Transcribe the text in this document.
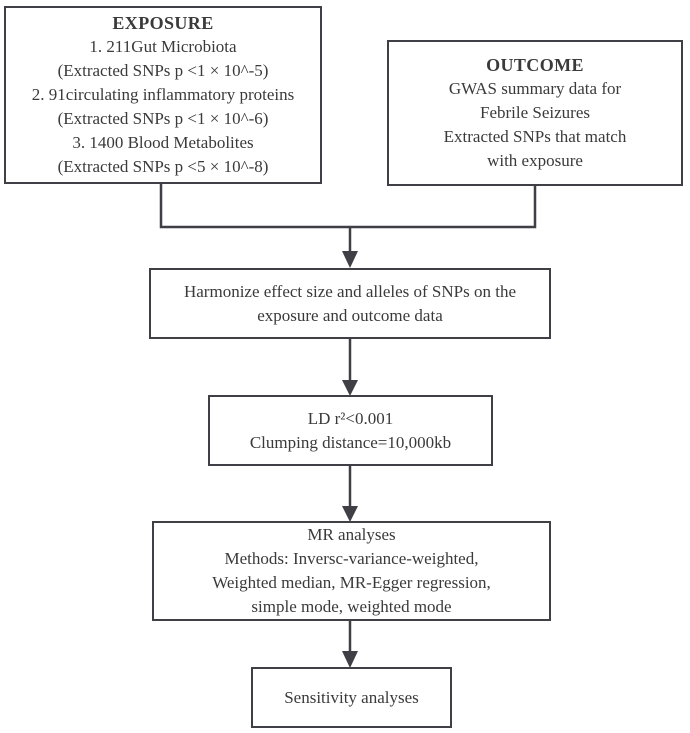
EXPOSURE
1. 211Gut Microbiota
(Extracted SNPs p <1 × 10^-5)
2. 91circulating inflammatory proteins
(Extracted SNPs p <1 × 10^-6)
3. 1400 Blood Metabolites
(Extracted SNPs p <5 × 10^-8)
OUTCOME
GWAS summary data for
Febrile Seizures
Extracted SNPs that match
with exposure
Harmonize effect size and alleles of SNPs on the
exposure and outcome data
LD r²<0.001
Clumping distance=10,000kb
MR analyses
Methods: Inversc-variance-weighted,
Weighted median, MR-Egger regression,
simple mode, weighted mode
Sensitivity analyses
